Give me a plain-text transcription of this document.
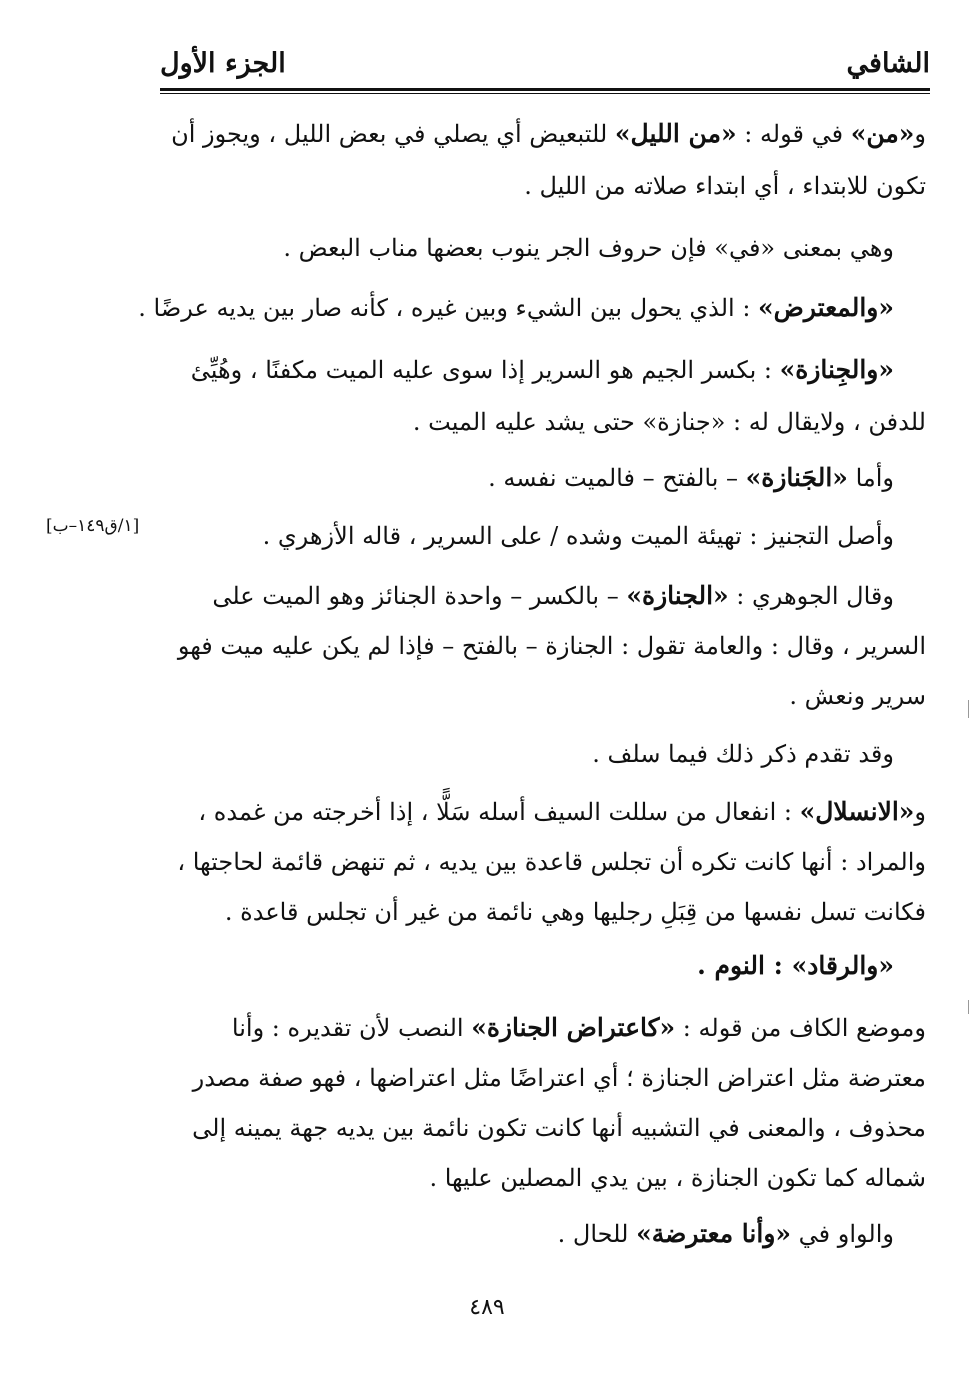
الشافي
الجزء الأول
و«من» في قوله : «من الليل» للتبعيض أي يصلي في بعض الليل ، ويجوز أن
تكون للابتداء ، أي ابتداء صلاته من الليل .
وهي بمعنى «في» فإن حروف الجر ينوب بعضها مناب البعض .
«والمعترض» : الذي يحول بين الشيء وبين غيره ، كأنه صار بين يديه عرضًا .
«والجِنازة» : بكسر الجيم هو السرير إذا سوى عليه الميت مكفنًا ، وهُيِّئ
للدفن ، ولايقال له : «جنازة» حتى يشد عليه الميت .
وأما «الجَنازة» – بالفتح – فالميت نفسه .
وأصل التجنيز : تهيئة الميت وشده / على السرير ، قاله الأزهري .
[١/ق١٤٩–ب]
وقال الجوهري : «الجنازة» – بالكسر – واحدة الجنائز وهو الميت على
السرير ، وقال : والعامة تقول : الجنازة – بالفتح – فإذا لم يكن عليه ميت فهو
سرير ونعش .
وقد تقدم ذكر ذلك فيما سلف .
و«الانسلال» : انفعال من سللت السيف أسله سَلًّا ، إذا أخرجته من غمده ،
والمراد : أنها كانت تكره أن تجلس قاعدة بين يديه ، ثم تنهض قائمة لحاجتها ،
فكانت تسل نفسها من قِبَلِ رجليها وهي نائمة من غير أن تجلس قاعدة .
«والرقاد» : النوم .
وموضع الكاف من قوله : «كاعتراض الجنازة» النصب لأن تقديره : وأنا
معترضة مثل اعتراض الجنازة ؛ أي اعتراضًا مثل اعتراضها ، فهو صفة مصدر
محذوف ، والمعنى في التشبيه أنها كانت تكون نائمة بين يديه جهة يمينه إلى
شماله كما تكون الجنازة ، بين يدي المصلين عليها .
والواو في «وأنا معترضة» للحال .
٤٨٩
